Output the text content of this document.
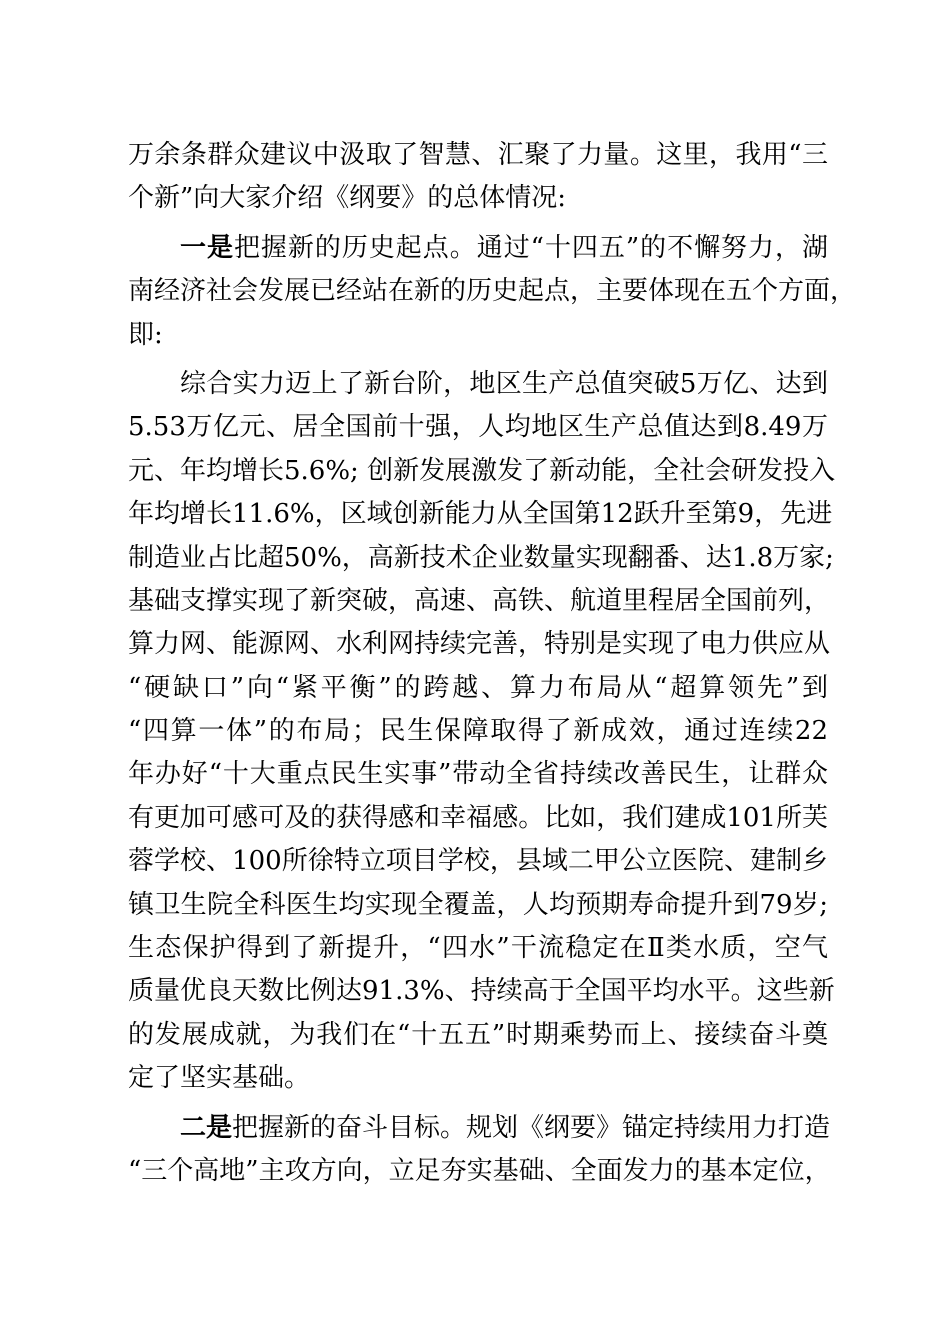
万余条群众建议中汲取了智慧、汇聚了力量。这里，我用“三
个新”向大家介绍《纲要》的总体情况:
一是把握新的历史起点。通过“十四五”的不懈努力，湖
南经济社会发展已经站在新的历史起点，主要体现在五个方面，
即:
综合实力迈上了新台阶，地区生产总值突破5万亿、达到
5.53万亿元、居全国前十强，人均地区生产总值达到8.49万
元、年均增长5.6%; 创新发展激发了新动能，全社会研发投入
年均增长11.6%，区域创新能力从全国第12跃升至第9，先进
制造业占比超50%，高新技术企业数量实现翻番、达1.8万家;
基础支撑实现了新突破，高速、高铁、航道里程居全国前列，
算力网、能源网、水利网持续完善，特别是实现了电力供应从
“硬缺口”向“紧平衡”的跨越、算力布局从“超算领先”到
“四算一体”的布局；民生保障取得了新成效，通过连续22
年办好“十大重点民生实事”带动全省持续改善民生，让群众
有更加可感可及的获得感和幸福感。比如，我们建成101所芙
蓉学校、100所徐特立项目学校，县域二甲公立医院、建制乡
镇卫生院全科医生均实现全覆盖，人均预期寿命提升到79岁;
生态保护得到了新提升，“四水”干流稳定在Ⅱ类水质，空气
质量优良天数比例达91.3%、持续高于全国平均水平。这些新
的发展成就，为我们在“十五五”时期乘势而上、接续奋斗奠
定了坚实基础。
二是把握新的奋斗目标。规划《纲要》锚定持续用力打造
“三个高地”主攻方向，立足夯实基础、全面发力的基本定位，
